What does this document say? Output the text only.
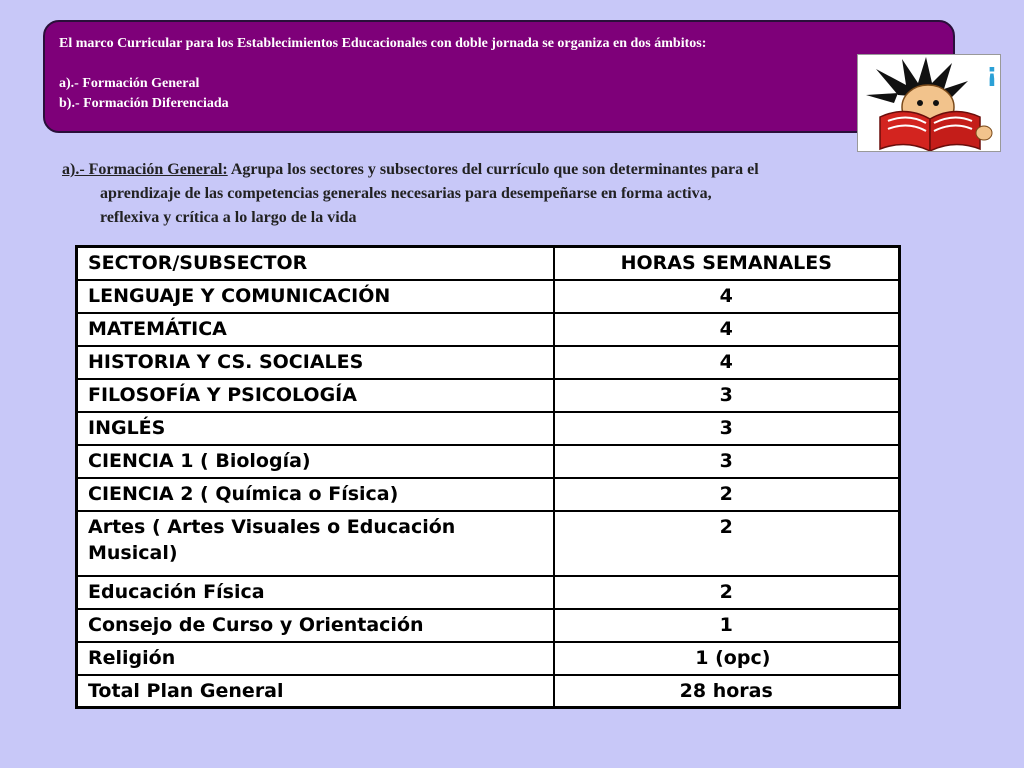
El marco Curricular para los Establecimientos Educacionales con doble jornada se organiza en dos ámbitos:
a).- Formación General
b).- Formación Diferenciada
¡
a).- Formación General: Agrupa los sectores y subsectores del currículo que son determinantes para el
aprendizaje de las competencias generales necesarias para desempeñarse en forma activa,
reflexiva y crítica a lo largo de la vida
SECTOR/SUBSECTOR	HORAS SEMANALES
LENGUAJE Y COMUNICACIÓN	4
MATEMÁTICA	4
HISTORIA Y CS. SOCIALES	4
FILOSOFÍA Y PSICOLOGÍA	3
INGLÉS	3
CIENCIA 1 ( Biología)	3
CIENCIA 2 ( Química o Física)	2
Artes ( Artes Visuales o Educación Musical)	2
Educación Física	2
Consejo de Curso y Orientación	1
Religión	1 (opc)
Total Plan General	28 horas
